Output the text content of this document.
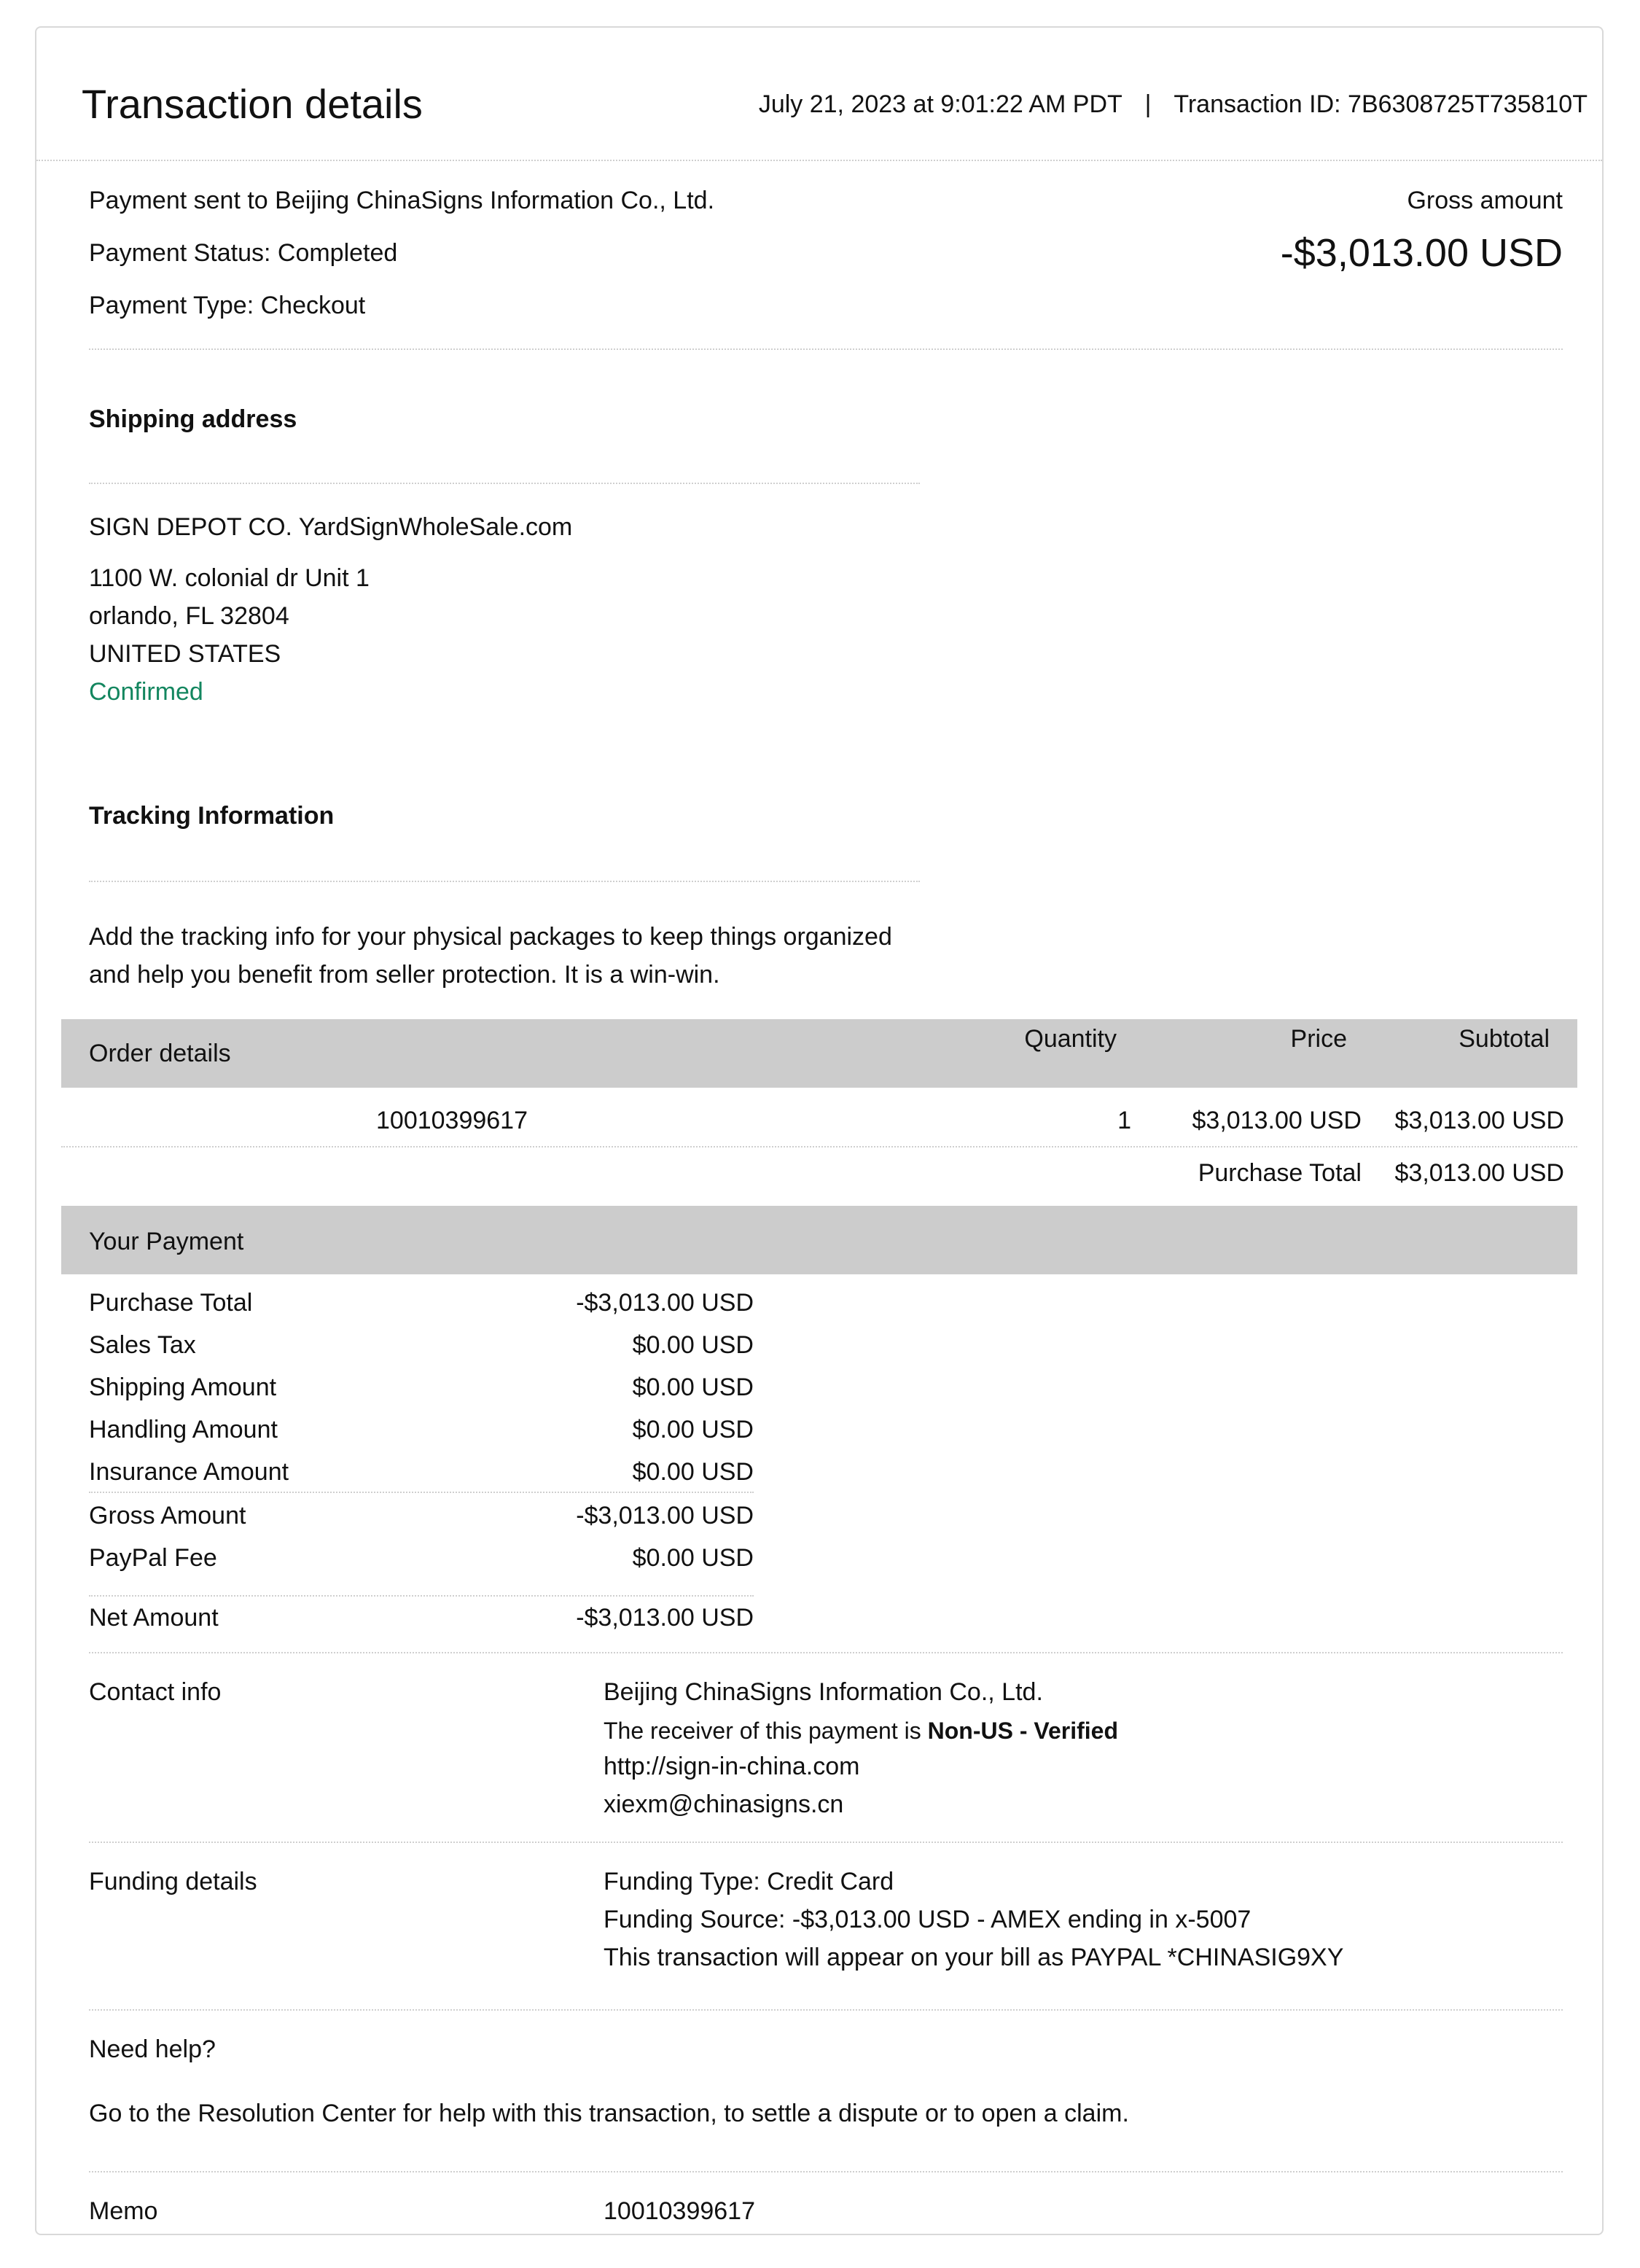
Transaction details	July 21, 2023 at 9:01:22 AM PDT | Transaction ID: 7B6308725T735810T
Payment sent to Beijing ChinaSigns Information Co., Ltd.
Payment Status: Completed
Payment Type: Checkout
Gross amount
-$3,013.00 USD
Shipping address
SIGN DEPOT CO. YardSignWholeSale.com
1100 W. colonial dr Unit 1
orlando, FL 32804
UNITED STATES
Confirmed
Tracking Information
Add the tracking info for your physical packages to keep things organized
and help you benefit from seller protection. It is a win-win.
Order details
Quantity	Price	Subtotal
10010399617	1 $3,013.00 USD $3,013.00 USD
Purchase Total $3,013.00 USD
Your Payment
Purchase Total	-$3,013.00 USD
Sales Tax	$0.00 USD
Shipping Amount	$0.00 USD
Handling Amount	$0.00 USD
Insurance Amount	$0.00 USD
Gross Amount	-$3,013.00 USD
PayPal Fee	$0.00 USD
Net Amount	-$3,013.00 USD
Contact info	Beijing ChinaSigns Information Co., Ltd.
The receiver of this payment is Non-US - Verified
http://sign-in-china.com
xiexm@chinasigns.cn
Funding details	Funding Type: Credit Card
Funding Source: -$3,013.00 USD - AMEX ending in x-5007
This transaction will appear on your bill as PAYPAL *CHINASIG9XY
Need help?
Go to the Resolution Center for help with this transaction, to settle a dispute or to open a claim.
Memo	10010399617
